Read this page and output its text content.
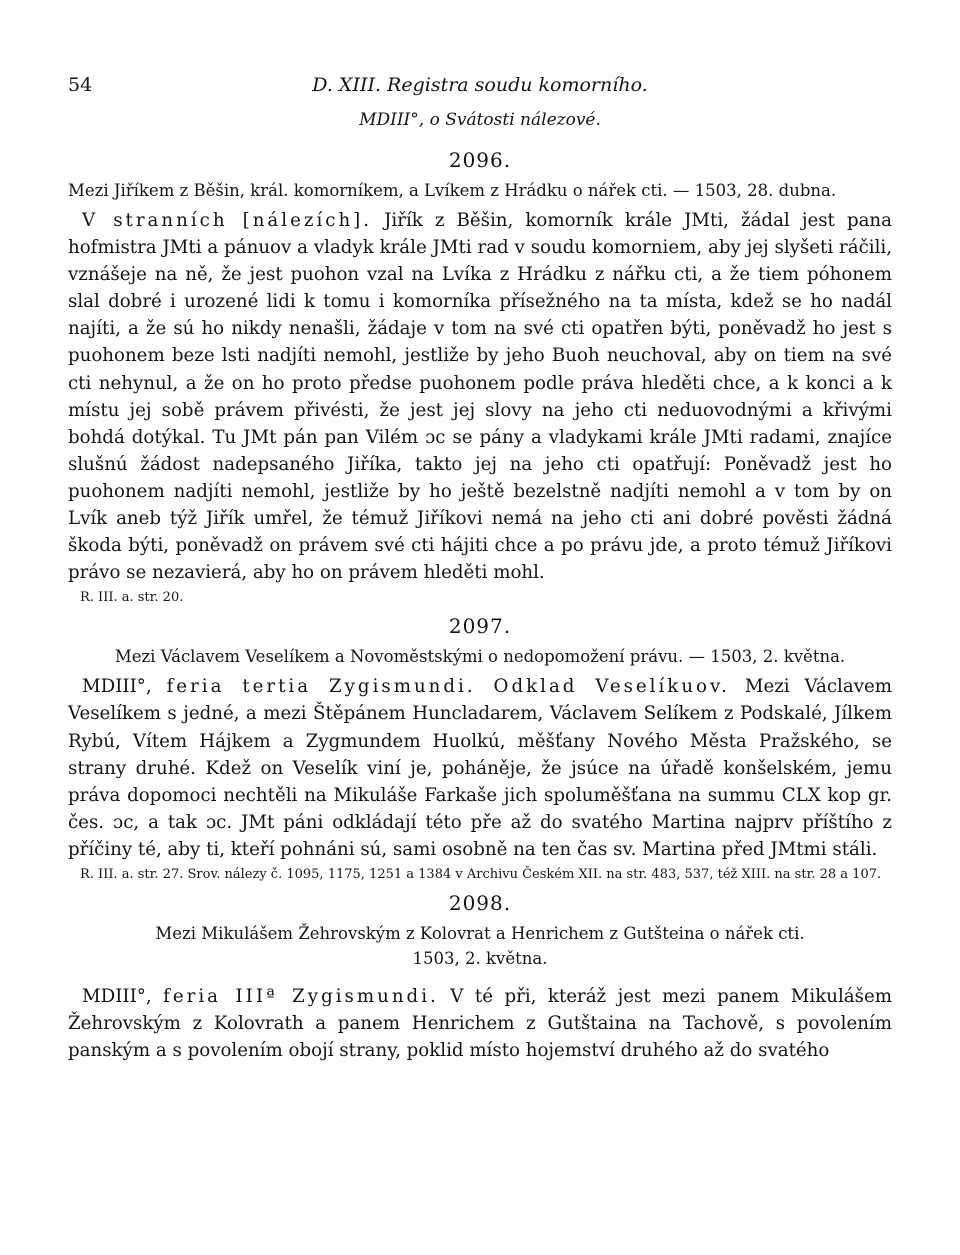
54	D. XIII. Registra soudu komorního.
MDIII°, o Svátosti nálezové.
2096.
Mezi Jiříkem z Běšin, král. komorníkem, a Lvíkem z Hrádku o nářek cti. — 1503, 28. dubna.
V stranních [nálezích]. Jiřík z Běšin, komorník krále JMti, žádal jest pana hofmistra JMti a pánuov a vladyk krále JMti rad v soudu komorniem, aby jej slyšeti ráčili, vznášeje na ně, že jest puohon vzal na Lvíka z Hrádku z nářku cti, a že tiem póhonem slal dobré i urozené lidi k tomu i komorníka přísežného na ta místa, kdež se ho nadál najíti, a že sú ho nikdy nenašli, žádaje v tom na své cti opatřen býti, poněvadž ho jest s puohonem beze lsti nadjíti nemohl, jestliže by jeho Buoh neuchoval, aby on tiem na své cti nehynul, a že on ho proto předse puohonem podle práva hleděti chce, a k konci a k místu jej sobě právem přivésti, že jest jej slovy na jeho cti neduovodnými a křivými bohdá dotýkal. Tu JMt pán pan Vilém ɔc se pány a vladykami krále JMti radami, znajíce slušnú žádost nadepsaného Jiříka, takto jej na jeho cti opatřují: Poněvadž jest ho puohonem nadjíti nemohl, jestliže by ho ještě bezelstně nadjíti nemohl a v tom by on Lvík aneb týž Jiřík umřel, že témuž Jiříkovi nemá na jeho cti ani dobré pověsti žádná škoda býti, poněvadž on právem své cti hájiti chce a po právu jde, a proto témuž Jiříkovi právo se nezavierá, aby ho on právem hleděti mohl.
R. III. a. str. 20.
2097.
Mezi Václavem Veselíkem a Novoměstskými o nedopomožení právu. — 1503, 2. května.
MDIII°, feria tertia Zygismundi. Odklad Veselíkuov. Mezi Václavem Veselíkem s jedné, a mezi Štěpánem Huncladarem, Václavem Selíkem z Podskalé, Jílkem Rybú, Vítem Hájkem a Zygmundem Huolkú, měšťany Nového Města Pražského, se strany druhé. Kdež on Veselík viní je, poháněje, že jsúce na úřadě konšelském, jemu práva dopomoci nechtěli na Mikuláše Farkaše jich spoluměšťana na summu CLX kop gr. čes. ɔc, a tak ɔc. JMt páni odkládají této pře až do svatého Martina najprv příštího z příčiny té, aby ti, kteří pohnáni sú, sami osobně na ten čas sv. Martina před JMtmi stáli.
R. III. a. str. 27. Srov. nálezy č. 1095, 1175, 1251 a 1384 v Archivu Českém XII. na str. 483, 537, též XIII. na str. 28 a 107.
2098.
Mezi Mikulášem Žehrovským z Kolovrat a Henrichem z Gutšteina o nářek cti.
1503, 2. května.
MDIII°, feria IIIª Zygismundi. V té při, kteráž jest mezi panem Mikulášem Žehrovským z Kolovrath a panem Henrichem z Gutštaina na Tachově, s povolením panským a s povolením obojí strany, poklid místo hojemství druhého až do svatého
